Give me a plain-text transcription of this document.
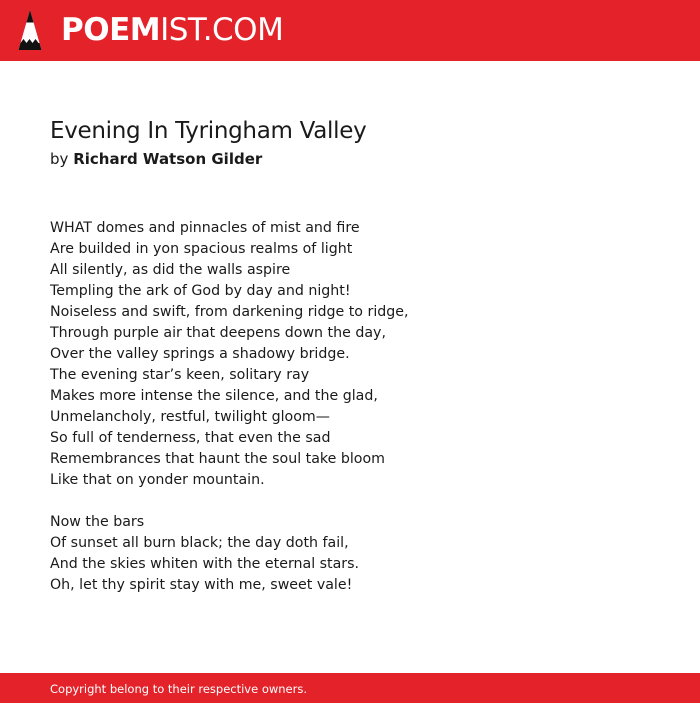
POEMIST.COM
Evening In Tyringham Valley
by Richard Watson Gilder

WHAT domes and pinnacles of mist and fire
Are builded in yon spacious realms of light
All silently, as did the walls aspire
Templing the ark of God by day and night!
Noiseless and swift, from darkening ridge to ridge,
Through purple air that deepens down the day,
Over the valley springs a shadowy bridge.
The evening star’s keen, solitary ray
Makes more intense the silence, and the glad,
Unmelancholy, restful, twilight gloom—
So full of tenderness, that even the sad
Remembrances that haunt the soul take bloom
Like that on yonder mountain.

Now the bars
Of sunset all burn black; the day doth fail,
And the skies whiten with the eternal stars.
Oh, let thy spirit stay with me, sweet vale!

Copyright belong to their respective owners.
